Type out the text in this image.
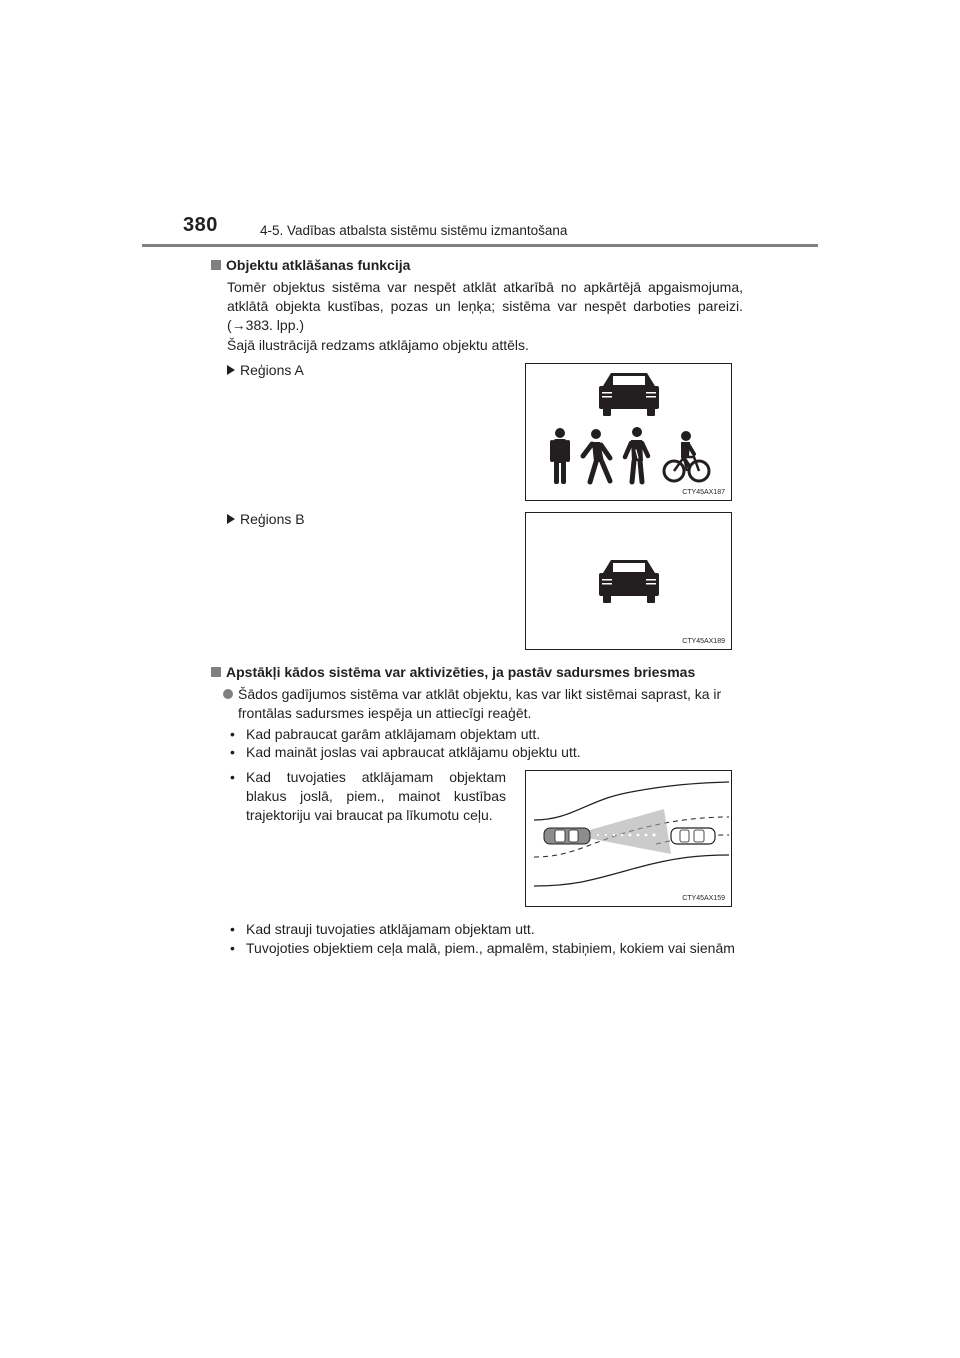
380	4-5. Vadības atbalsta sistēmu sistēmu izmantošana
Objektu atklāšanas funkcija
Tomēr objektus sistēma var nespēt atklāt atkarībā no apkārtējā apgaismojuma, atklātā objekta kustības, pozas un leņķa; sistēma var nespēt darboties pareizi. (→383. lpp.)
Šajā ilustrācijā redzams atklājamo objektu attēls.
Reģions A
Reģions B
CTY45AX187
CTY45AX189
Apstākļi kādos sistēma var aktivizēties, ja pastāv sadursmes briesmas
Šādos gadījumos sistēma var atklāt objektu, kas var likt sistēmai saprast, ka ir frontālas sadursmes iespēja un attiecīgi reaģēt.
• Kad pabraucat garām atklājamam objektam utt.
• Kad maināt joslas vai apbraucat atklājamu objektu utt.
• Kad tuvojaties atklājamam objektam blakus joslā, piem., mainot kustības trajektoriju vai braucat pa līkumotu ceļu.
CTY45AX159
• Kad strauji tuvojaties atklājamam objektam utt.
• Tuvojoties objektiem ceļa malā, piem., apmalēm, stabiņiem, kokiem vai sienām
